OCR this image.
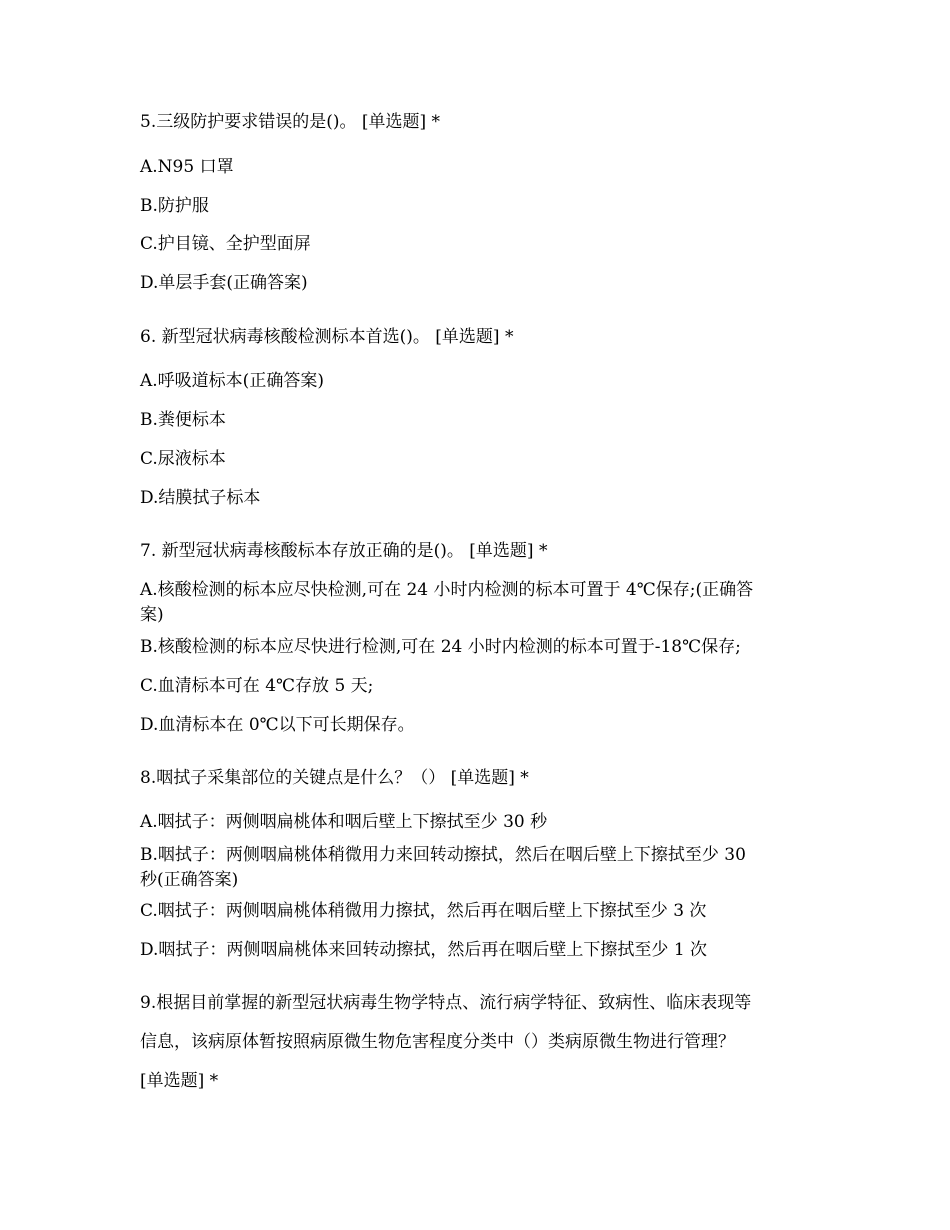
5.三级防护要求错误的是()。 [单选题] *
A.N95 口罩
B.防护服
C.护目镜、全护型面屏
D.单层手套(正确答案)
6. 新型冠状病毒核酸检测标本首选()。 [单选题] *
A.呼吸道标本(正确答案)
B.粪便标本
C.尿液标本
D.结膜拭子标本
7. 新型冠状病毒核酸标本存放正确的是()。 [单选题] *
A.核酸检测的标本应尽快检测,可在 24 小时内检测的标本可置于 4℃保存;(正确答
案)
B.核酸检测的标本应尽快进行检测,可在 24 小时内检测的标本可置于-18℃保存;
C.血清标本可在 4℃存放 5 天;
D.血清标本在 0℃以下可长期保存。
8.咽拭子采集部位的关键点是什么？（） [单选题] *
A.咽拭子：两侧咽扁桃体和咽后壁上下擦拭至少 30 秒
B.咽拭子：两侧咽扁桃体稍微用力来回转动擦拭，然后在咽后壁上下擦拭至少 30
秒(正确答案)
C.咽拭子：两侧咽扁桃体稍微用力擦拭，然后再在咽后壁上下擦拭至少 3 次
D.咽拭子：两侧咽扁桃体来回转动擦拭，然后再在咽后壁上下擦拭至少 1 次
9.根据目前掌握的新型冠状病毒生物学特点、流行病学特征、致病性、临床表现等
信息，该病原体暂按照病原微生物危害程度分类中（）类病原微生物进行管理？
[单选题] *
